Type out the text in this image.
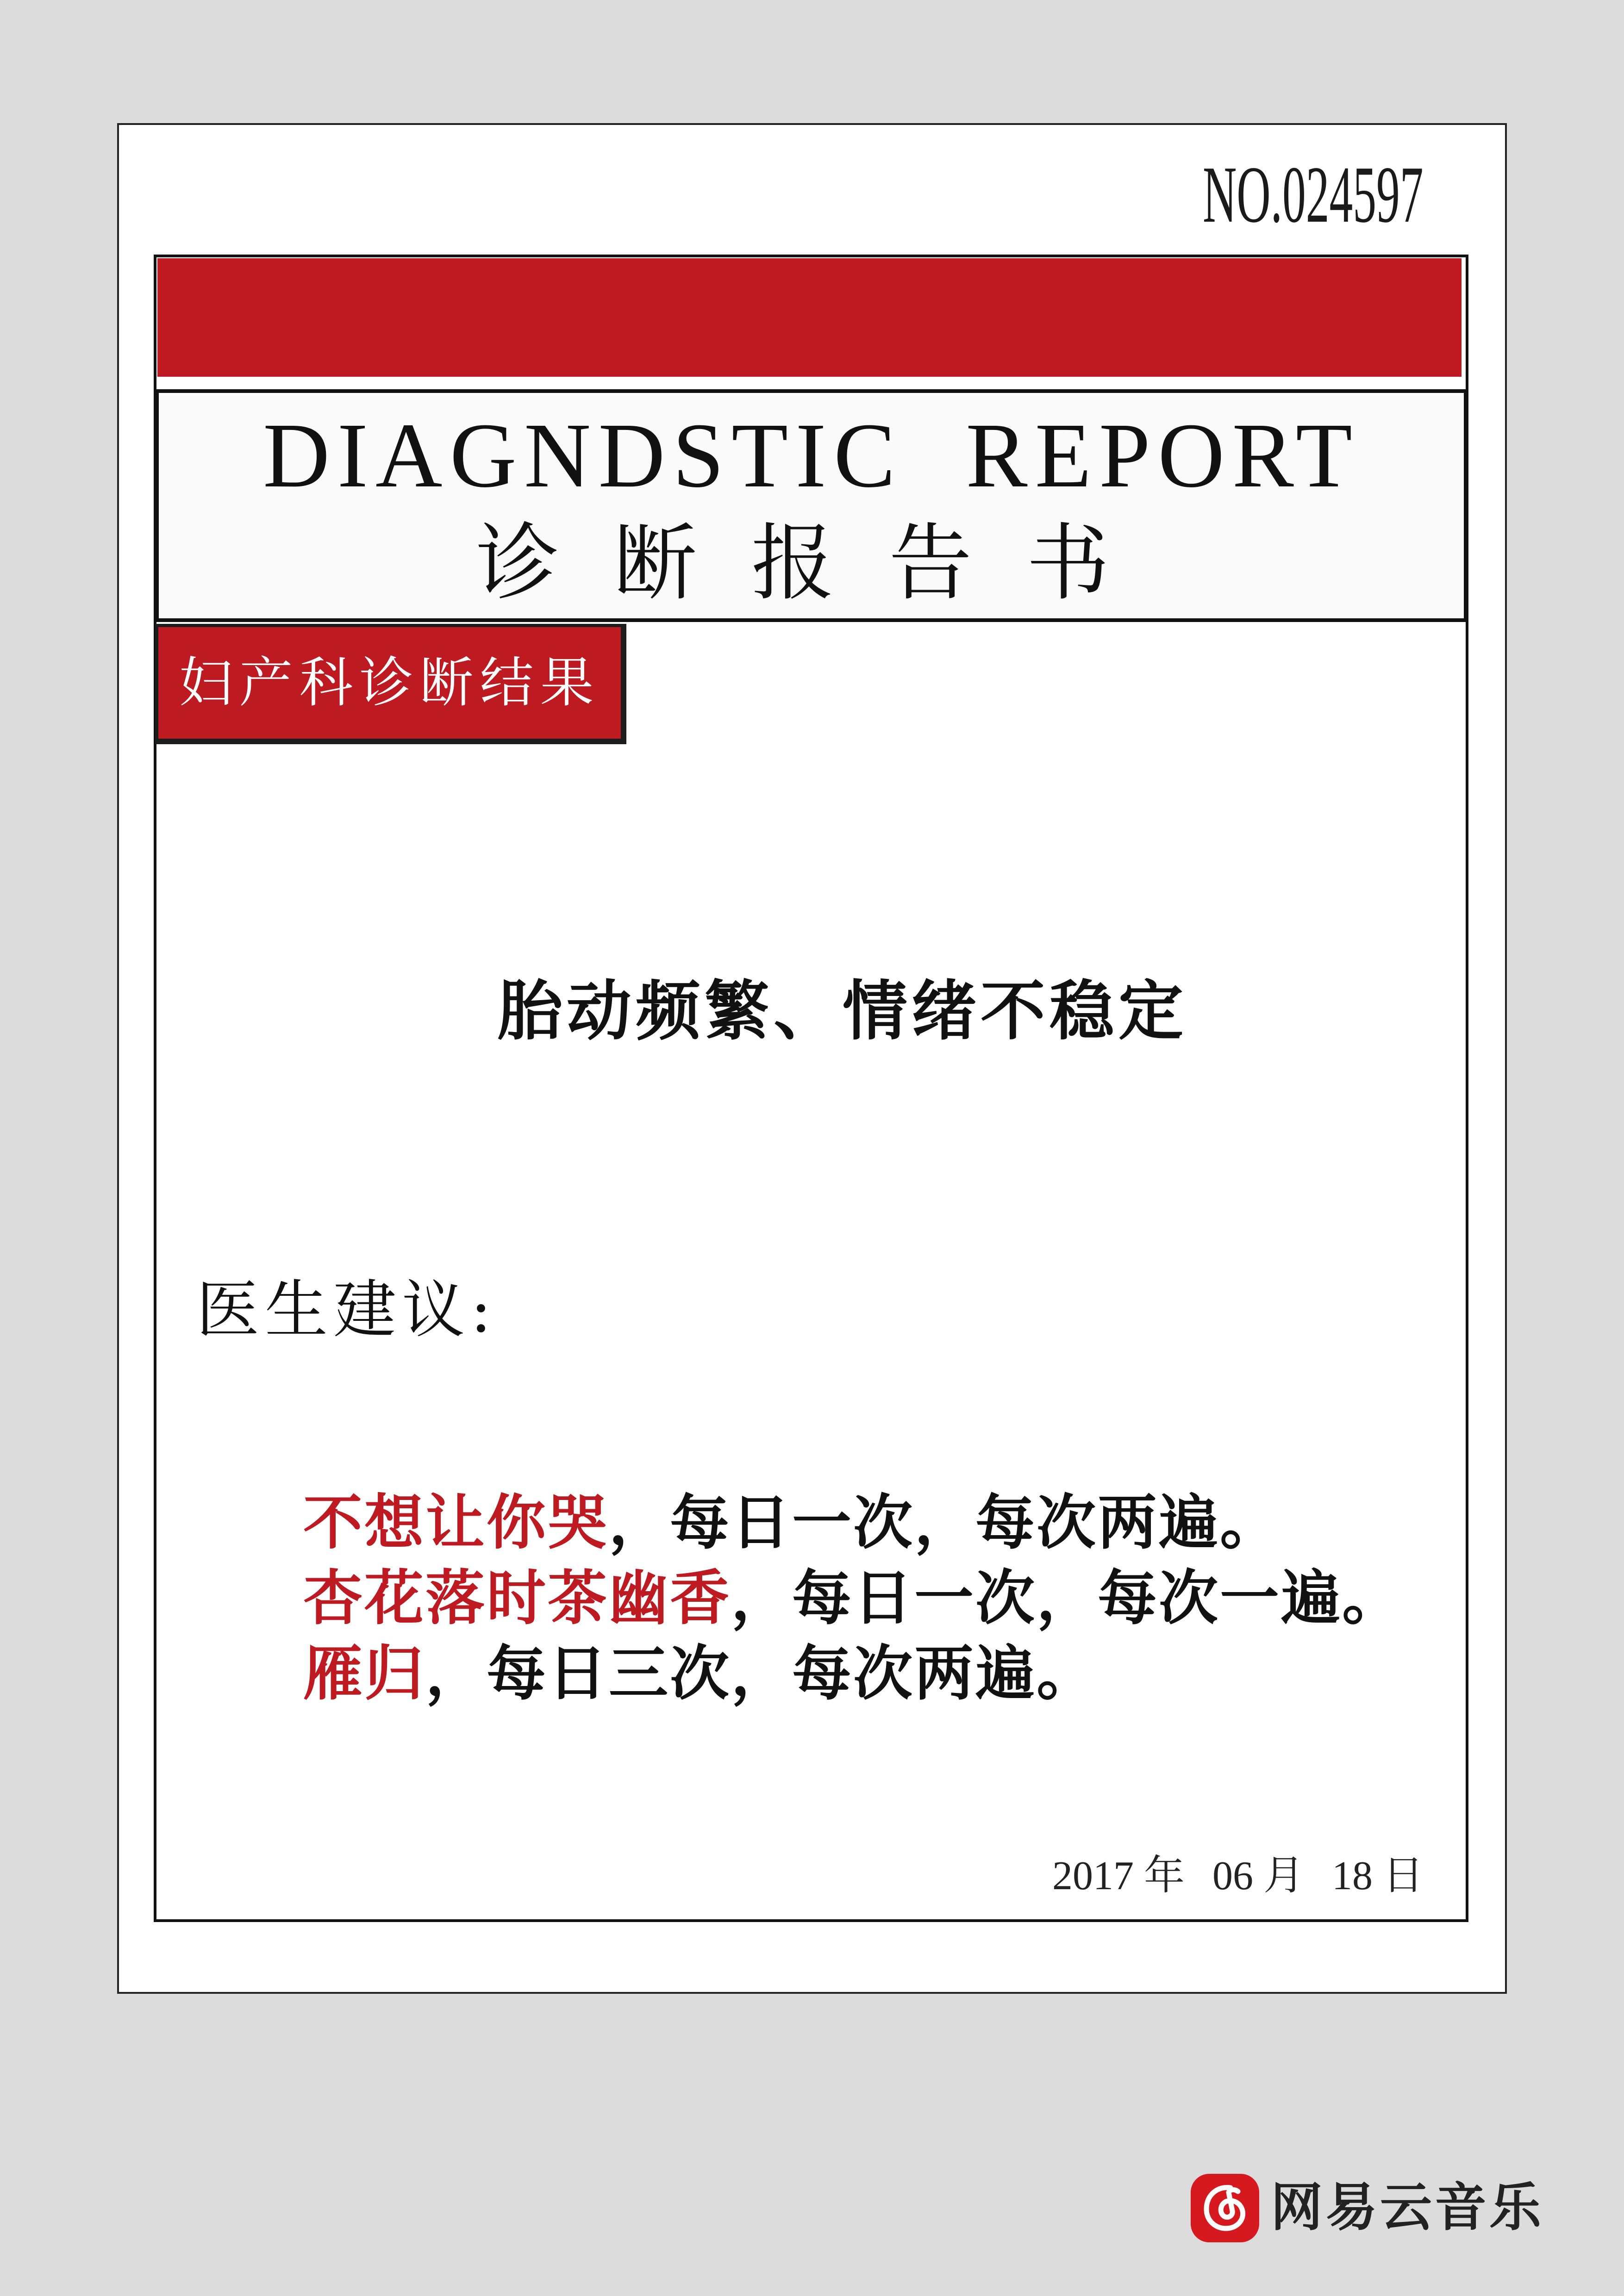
NO.024597
DIAGNDSTIC REPORT
诊 断 报 告 书
妇产科诊断结果
胎动频繁、情绪不稳定
医生建议:
不想让你哭，每日一次，每次两遍。
杏花落时茶幽香，每日一次，每次一遍。
雁归，每日三次，每次两遍。
2017 年 06 月 18 日
网易云音乐
